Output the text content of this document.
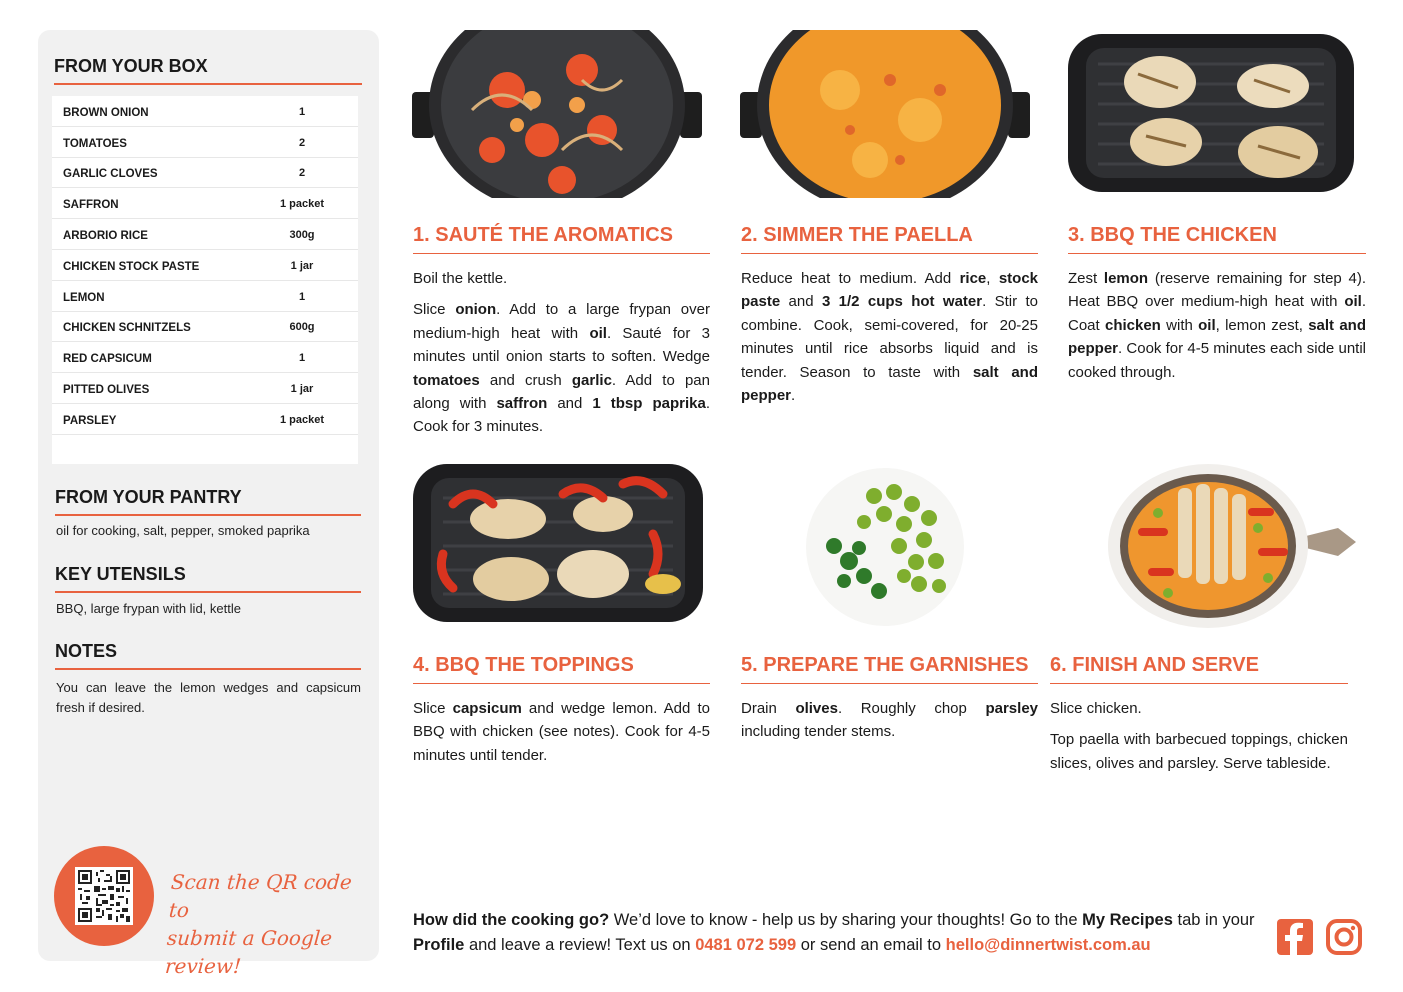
FROM YOUR BOX
BROWN ONION	1
TOMATOES	2
GARLIC CLOVES	2
SAFFRON	1 packet
ARBORIO RICE	300g
CHICKEN STOCK PASTE	1 jar
LEMON	1
CHICKEN SCHNITZELS	600g
RED CAPSICUM	1
PITTED OLIVES	1 jar
PARSLEY	1 packet
FROM YOUR PANTRY
oil for cooking, salt, pepper, smoked paprika
KEY UTENSILS
BBQ, large frypan with lid, kettle
NOTES
You can leave the lemon wedges and capsicum fresh if desired.
Scan the QR code to
submit a Google review!
1. SAUTÉ THE AROMATICS

Boil the kettle.

Slice onion. Add to a large frypan over medium-high heat with oil. Sauté for 3 minutes until onion starts to soften. Wedge tomatoes and crush garlic. Add to pan along with saffron and 1 tbsp paprika. Cook for 3 minutes.

2. SIMMER THE PAELLA

Reduce heat to medium. Add rice, stock paste and 3 1/2 cups hot water. Stir to combine. Cook, semi-covered, for 20-25 minutes until rice absorbs liquid and is tender. Season to taste with salt and pepper.

3. BBQ THE CHICKEN

Zest lemon (reserve remaining for step 4). Heat BBQ over medium-high heat with oil. Coat chicken with oil, lemon zest, salt and pepper. Cook for 4-5 minutes each side until cooked through.

4. BBQ THE TOPPINGS

Slice capsicum and wedge lemon. Add to BBQ with chicken (see notes). Cook for 4-5 minutes until tender.

5. PREPARE THE GARNISHES

Drain olives. Roughly chop parsley including tender stems.

6. FINISH AND SERVE

Slice chicken.

Top paella with barbecued toppings, chicken slices, olives and parsley. Serve tableside.

How did the cooking go? We’d love to know - help us by sharing your thoughts! Go to the My Recipes tab in your Profile and leave a review! Text us on 0481 072 599 or send an email to hello@dinnertwist.com.au
